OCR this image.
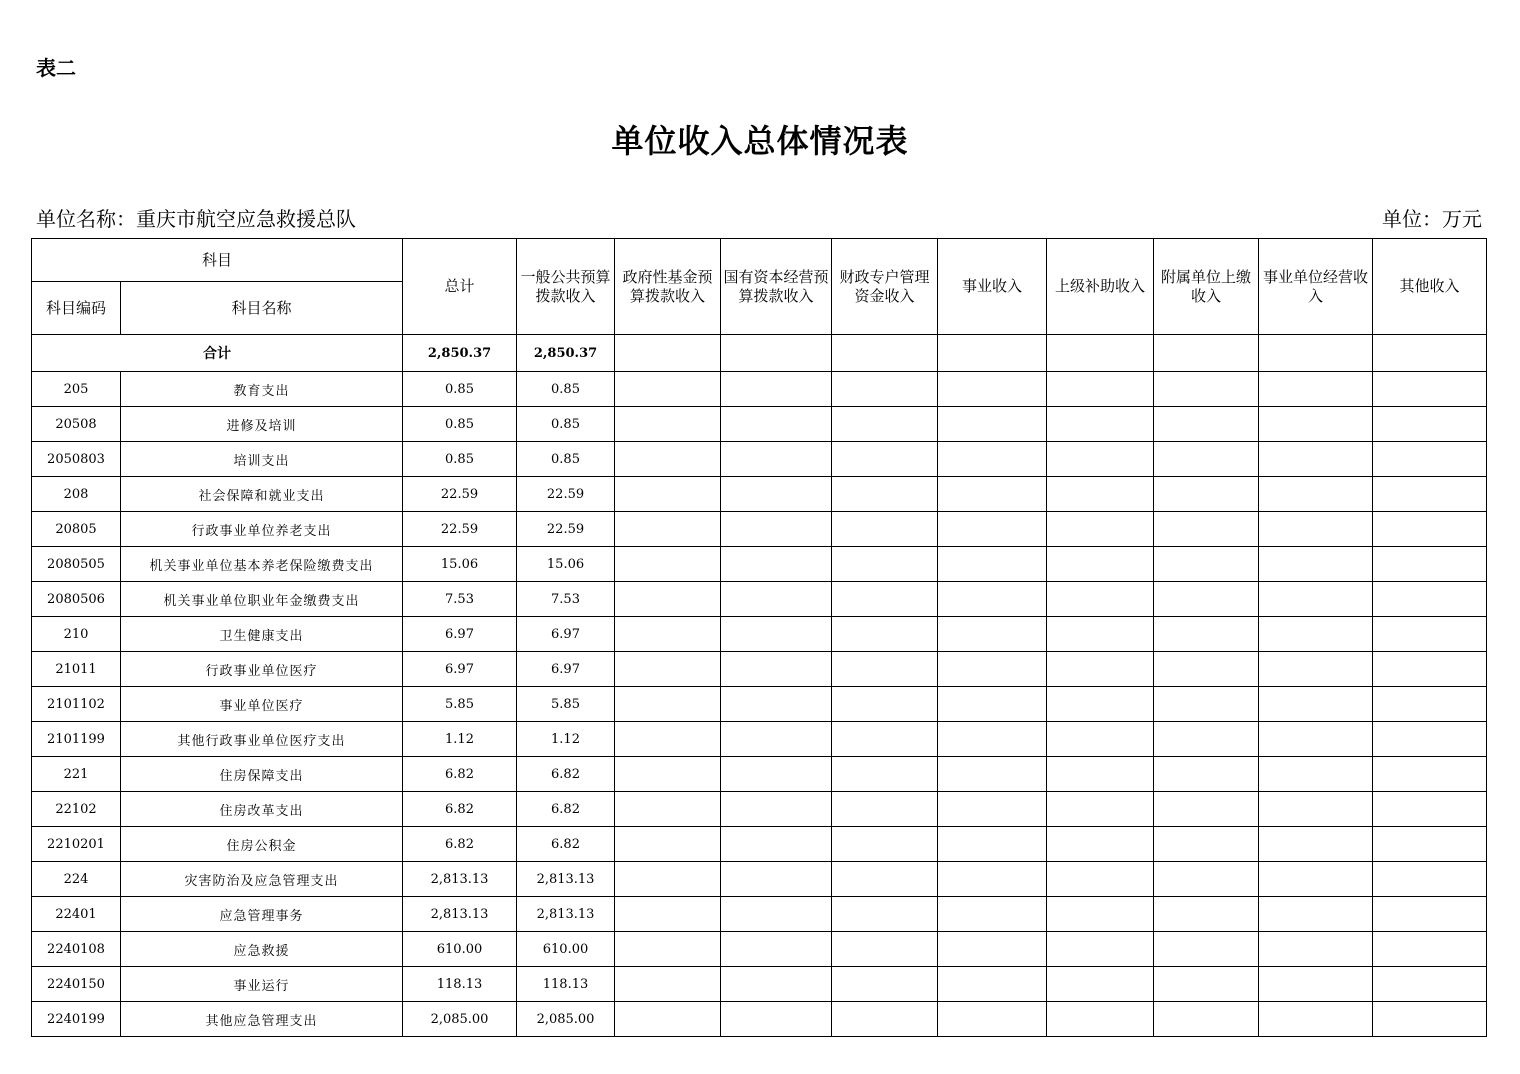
表二
单位收入总体情况表
单位名称：重庆市航空应急救援总队	单位：万元
科目		总计	一般公共预算拨款收入	政府性基金预算拨款收入	国有资本经营预算拨款收入	财政专户管理资金收入	事业收入	上级补助收入	附属单位上缴收入	事业单位经营收入	其他收入
科目编码	科目名称										
合计		2,850.37	2,850.37								
205	教育支出	0.85	0.85								
20508	进修及培训	0.85	0.85								
2050803	培训支出	0.85	0.85								
208	社会保障和就业支出	22.59	22.59								
20805	行政事业单位养老支出	22.59	22.59								
2080505	机关事业单位基本养老保险缴费支出	15.06	15.06								
2080506	机关事业单位职业年金缴费支出	7.53	7.53								
210	卫生健康支出	6.97	6.97								
21011	行政事业单位医疗	6.97	6.97								
2101102	事业单位医疗	5.85	5.85								
2101199	其他行政事业单位医疗支出	1.12	1.12								
221	住房保障支出	6.82	6.82								
22102	住房改革支出	6.82	6.82								
2210201	住房公积金	6.82	6.82								
224	灾害防治及应急管理支出	2,813.13	2,813.13								
22401	应急管理事务	2,813.13	2,813.13								
2240108	应急救援	610.00	610.00								
2240150	事业运行	118.13	118.13								
2240199	其他应急管理支出	2,085.00	2,085.00								
